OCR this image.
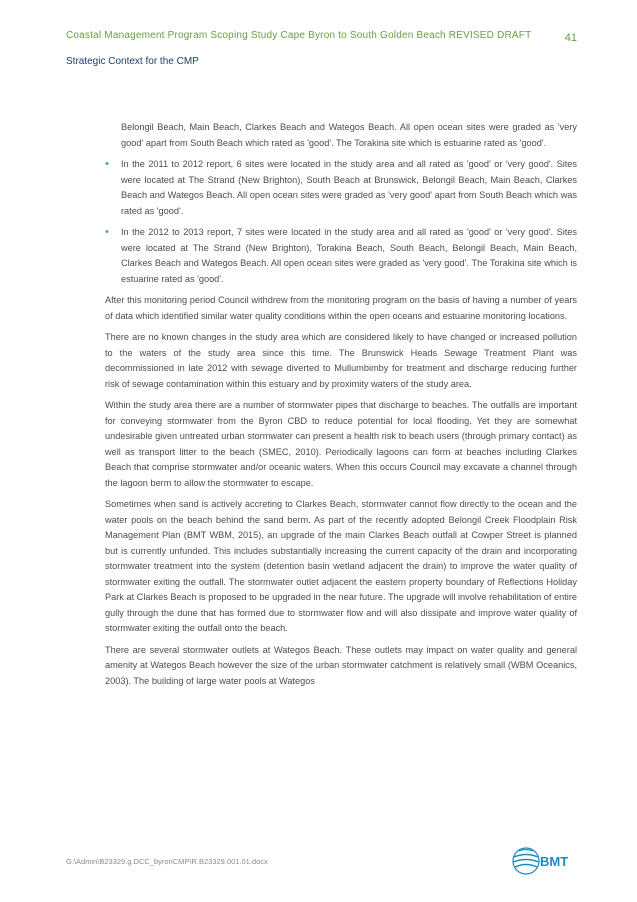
Coastal Management Program Scoping Study Cape Byron to South Golden Beach REVISED DRAFT	41
Strategic Context for the CMP
Belongil Beach, Main Beach, Clarkes Beach and Wategos Beach. All open ocean sites were graded as 'very good' apart from South Beach which rated as 'good'. The Torakina site which is estuarine rated as 'good'.
• In the 2011 to 2012 report, 6 sites were located in the study area and all rated as 'good' or 'very good'. Sites were located at The Strand (New Brighton), South Beach at Brunswick, Belongil Beach, Main Beach, Clarkes Beach and Wategos Beach. All open ocean sites were graded as 'very good' apart from South Beach which was rated as 'good'.
• In the 2012 to 2013 report, 7 sites were located in the study area and all rated as 'good' or 'very good'. Sites were located at The Strand (New Brighton), Torakina Beach, South Beach, Belongil Beach, Main Beach, Clarkes Beach and Wategos Beach. All open ocean sites were graded as 'very good'. The Torakina site which is estuarine rated as 'good'.

After this monitoring period Council withdrew from the monitoring program on the basis of having a number of years of data which identified similar water quality conditions within the open oceans and estuarine monitoring locations.

There are no known changes in the study area which are considered likely to have changed or increased pollution to the waters of the study area since this time. The Brunswick Heads Sewage Treatment Plant was decommissioned in late 2012 with sewage diverted to Mullumbimby for treatment and discharge reducing further risk of sewage contamination within this estuary and by proximity waters of the study area.

Within the study area there are a number of stormwater pipes that discharge to beaches. The outfalls are important for conveying stormwater from the Byron CBD to reduce potential for local flooding. Yet they are somewhat undesirable given untreated urban stormwater can present a health risk to beach users (through primary contact) as well as transport litter to the beach (SMEC, 2010). Periodically lagoons can form at beaches including Clarkes Beach that comprise stormwater and/or oceanic waters. When this occurs Council may excavate a channel through the lagoon berm to allow the stormwater to escape.

Sometimes when sand is actively accreting to Clarkes Beach, stormwater cannot flow directly to the ocean and the water pools on the beach behind the sand berm. As part of the recently adopted Belongil Creek Floodplain Risk Management Plan (BMT WBM, 2015), an upgrade of the main Clarkes Beach outfall at Cowper Street is planned but is currently unfunded. This includes substantially increasing the current capacity of the drain and incorporating stormwater treatment into the system (detention basin wetland adjacent the drain) to improve the water quality of stormwater exiting the outfall. The stormwater outlet adjacent the eastern property boundary of Reflections Holiday Park at Clarkes Beach is proposed to be upgraded in the near future. The upgrade will involve rehabilitation of entire gully through the dune that has formed due to stormwater flow and will also dissipate and improve water quality of stormwater exiting the outfall onto the beach.

There are several stormwater outlets at Wategos Beach. These outlets may impact on water quality and general amenity at Wategos Beach however the size of the urban stormwater catchment is relatively small (WBM Oceanics, 2003). The building of large water pools at Wategos

G:\Admin\B23329.g.DCC_byronCMP\R.B23329.001.01.docx	BMT
